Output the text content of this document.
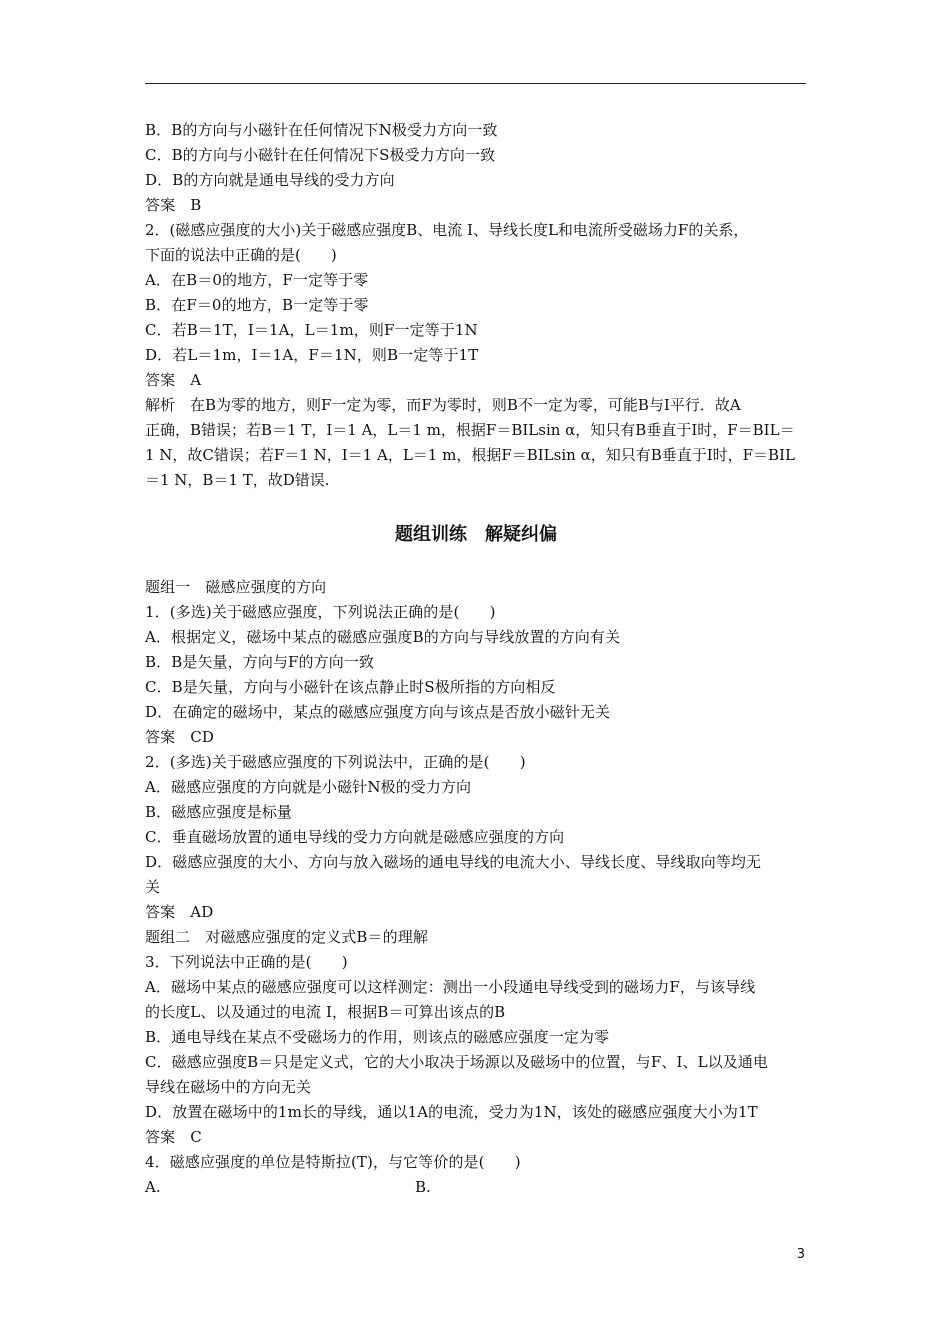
B．B的方向与小磁针在任何情况下N极受力方向一致
C．B的方向与小磁针在任何情况下S极受力方向一致
D．B的方向就是通电导线的受力方向
答案　B
2．(磁感应强度的大小)关于磁感应强度B、电流 I、导线长度L和电流所受磁场力F的关系，
下面的说法中正确的是(　　)
A．在B＝0的地方，F一定等于零
B．在F＝0的地方，B一定等于零
C．若B＝1T，I＝1A，L＝1m，则F一定等于1N
D．若L＝1m，I＝1A，F＝1N，则B一定等于1T
答案　A
解析　在B为零的地方，则F一定为零，而F为零时，则B不一定为零，可能B与I平行．故A
正确，B错误；若B＝1 T，I＝1 A，L＝1 m，根据F＝BILsin α，知只有B垂直于I时，F＝BIL＝
1 N，故C错误；若F＝1 N，I＝1 A，L＝1 m，根据F＝BILsin α，知只有B垂直于I时，F＝BIL
＝1 N，B＝1 T，故D错误.
题组训练　解疑纠偏
题组一　磁感应强度的方向
1．(多选)关于磁感应强度，下列说法正确的是(　　)
A．根据定义，磁场中某点的磁感应强度B的方向与导线放置的方向有关
B．B是矢量，方向与F的方向一致
C．B是矢量，方向与小磁针在该点静止时S极所指的方向相反
D．在确定的磁场中，某点的磁感应强度方向与该点是否放小磁针无关
答案　CD
2．(多选)关于磁感应强度的下列说法中，正确的是(　　)
A．磁感应强度的方向就是小磁针N极的受力方向
B．磁感应强度是标量
C．垂直磁场放置的通电导线的受力方向就是磁感应强度的方向
D．磁感应强度的大小、方向与放入磁场的通电导线的电流大小、导线长度、导线取向等均无
关
答案　AD
题组二　对磁感应强度的定义式B＝的理解
3．下列说法中正确的是(　　)
A．磁场中某点的磁感应强度可以这样测定：测出一小段通电导线受到的磁场力F，与该导线
的长度L、以及通过的电流 I，根据B＝可算出该点的B
B．通电导线在某点不受磁场力的作用，则该点的磁感应强度一定为零
C．磁感应强度B＝只是定义式，它的大小取决于场源以及磁场中的位置，与F、I、L以及通电
导线在磁场中的方向无关
D．放置在磁场中的1m长的导线，通以1A的电流，受力为1N，该处的磁感应强度大小为1T
答案　C
4．磁感应强度的单位是特斯拉(T)，与它等价的是(　　)
A.	B.
3
